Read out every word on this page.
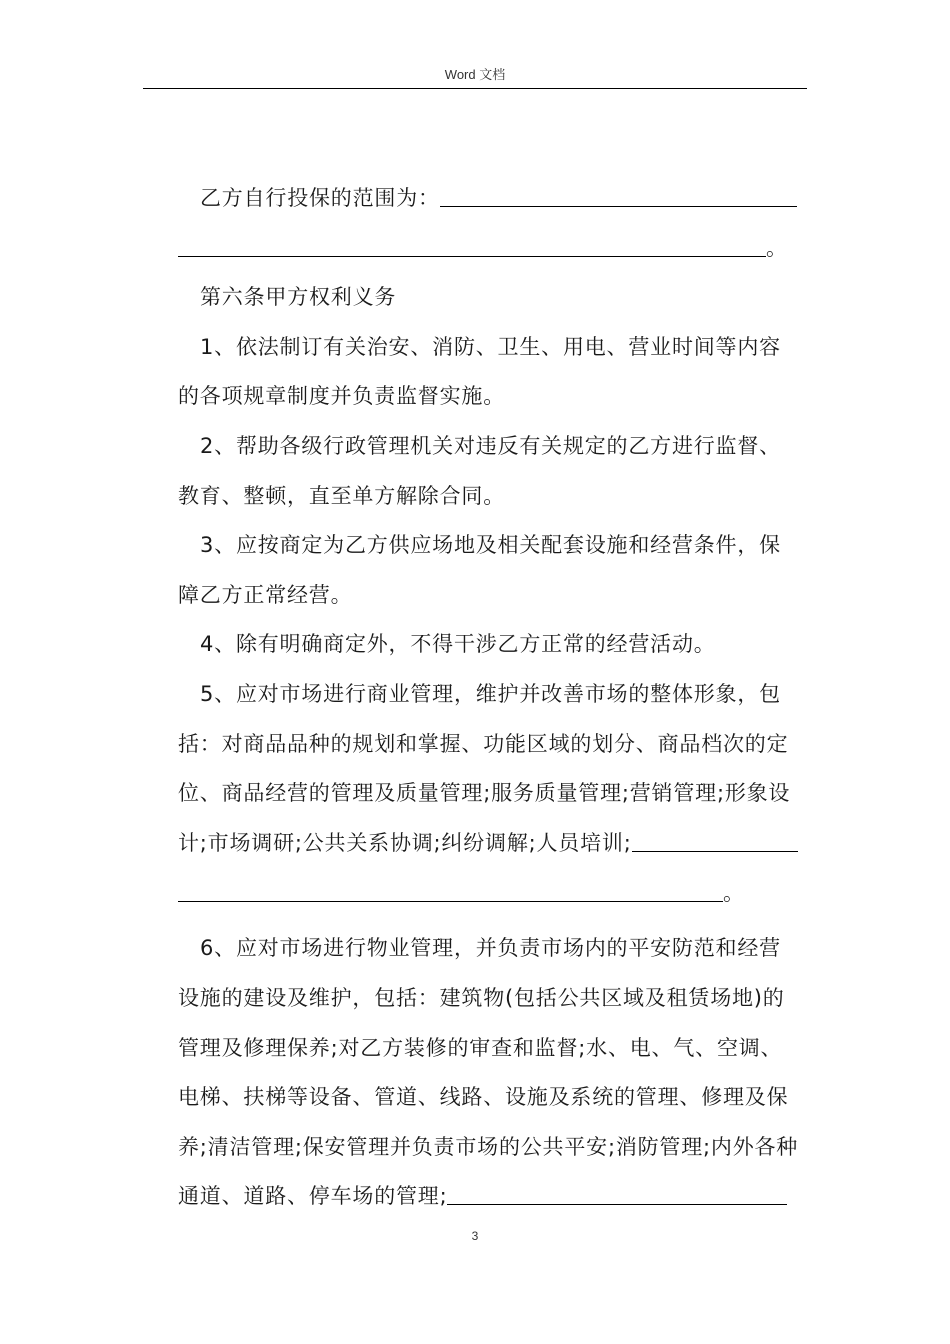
Word 文档
乙方自行投保的范围为：
。
第六条甲方权利义务
1、依法制订有关治安、消防、卫生、用电、营业时间等内容
的各项规章制度并负责监督实施。
2、帮助各级行政管理机关对违反有关规定的乙方进行监督、
教育、整顿，直至单方解除合同。
3、应按商定为乙方供应场地及相关配套设施和经营条件，保
障乙方正常经营。
4、除有明确商定外，不得干涉乙方正常的经营活动。
5、应对市场进行商业管理，维护并改善市场的整体形象，包
括：对商品品种的规划和掌握、功能区域的划分、商品档次的定
位、商品经营的管理及质量管理;服务质量管理;营销管理;形象设
计;市场调研;公共关系协调;纠纷调解;人员培训;
。
6、应对市场进行物业管理，并负责市场内的平安防范和经营
设施的建设及维护，包括：建筑物(包括公共区域及租赁场地)的
管理及修理保养;对乙方装修的审查和监督;水、电、气、空调、
电梯、扶梯等设备、管道、线路、设施及系统的管理、修理及保
养;清洁管理;保安管理并负责市场的公共平安;消防管理;内外各种
通道、道路、停车场的管理;
3
